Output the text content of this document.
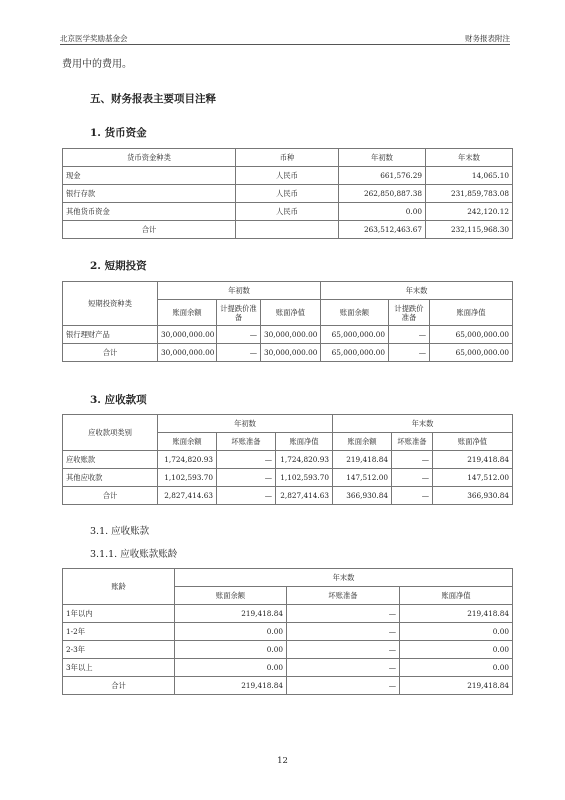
北京医学奖励基金会	财务报表附注
费用中的费用。
五、财务报表主要项目注释
1. 货币资金
货币资金种类	币种	年初数	年末数
现金	人民币	661,576.29	14,065.10
银行存款	人民币	262,850,887.38	231,859,783.08
其他货币资金	人民币	0.00	242,120.12
合计		263,512,463.67	232,115,968.30
2. 短期投资
短期投资种类	年初数			年末数		
	账面余额	计提跌价准备	账面净值	账面余额	计提跌价准备	账面净值
银行理财产品	30,000,000.00	—	30,000,000.00	65,000,000.00	—	65,000,000.00
合计	30,000,000.00	—	30,000,000.00	65,000,000.00	—	65,000,000.00
3. 应收款项
应收款项类别	年初数			年末数		
	账面余额	坏账准备	账面净值	账面余额	坏账准备	账面净值
应收账款	1,724,820.93	—	1,724,820.93	219,418.84	—	219,418.84
其他应收款	1,102,593.70	—	1,102,593.70	147,512.00	—	147,512.00
合计	2,827,414.63	—	2,827,414.63	366,930.84	—	366,930.84
3.1. 应收账款
3.1.1. 应收账款账龄
账龄	年末数		
	账面余额	坏账准备	账面净值
1年以内	219,418.84	—	219,418.84
1-2年	0.00	—	0.00
2-3年	0.00	—	0.00
3年以上	0.00	—	0.00
合计	219,418.84	—	219,418.84
12
